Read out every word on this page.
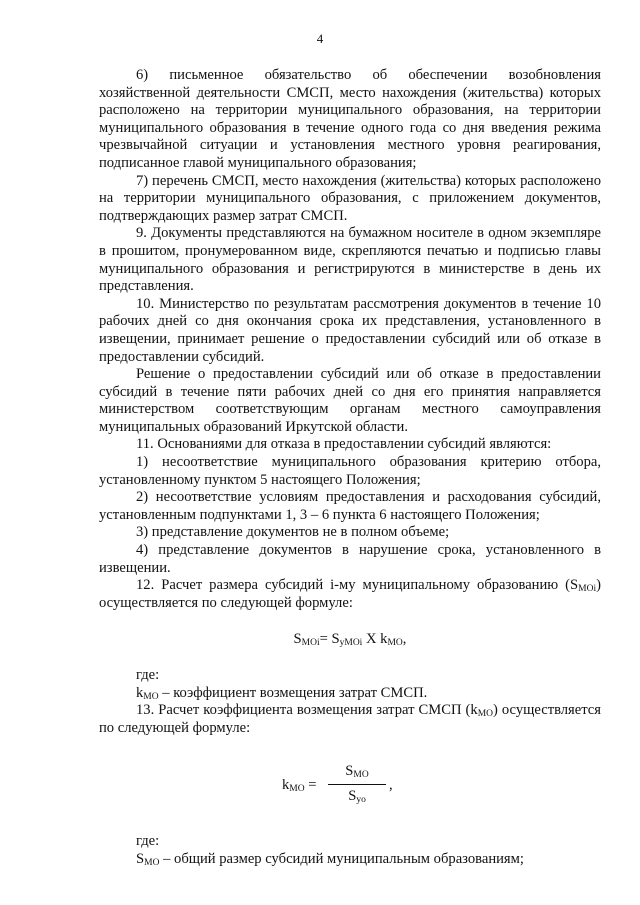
4

6) письменное обязательство об обеспечении возобновления хозяйственной деятельности СМСП, место нахождения (жительства) которых расположено на территории муниципального образования, на территории муниципального образования в течение одного года со дня введения режима чрезвычайной ситуации и установления местного уровня реагирования, подписанное главой муниципального образования;

7) перечень СМСП, место нахождения (жительства) которых расположено на территории муниципального образования, с приложением документов, подтверждающих размер затрат СМСП.

9. Документы представляются на бумажном носителе в одном экземпляре в прошитом, пронумерованном виде, скрепляются печатью и подписью главы муниципального образования и регистрируются в министерстве в день их представления.

10. Министерство по результатам рассмотрения документов в течение 10 рабочих дней со дня окончания срока их представления, установленного в извещении, принимает решение о предоставлении субсидий или об отказе в предоставлении субсидий.

Решение о предоставлении субсидий или об отказе в предоставлении субсидий в течение пяти рабочих дней со дня его принятия направляется министерством соответствующим органам местного самоуправления муниципальных образований Иркутской области.

11. Основаниями для отказа в предоставлении субсидий являются:

1) несоответствие муниципального образования критерию отбора, установленному пунктом 5 настоящего Положения;

2) несоответствие условиям предоставления и расходования субсидий, установленным подпунктами 1, 3 – 6 пункта 6 настоящего Положения;

3) представление документов не в полном объеме;

4) представление документов в нарушение срока, установленного в извещении.

12. Расчет размера субсидий i-му муниципальному образованию $(S_{MOi})$ осуществляется по следующей формуле:

$S_{MOi}= S_{yMOi}$ X $k_{MO}$,

где:

$k_{MO}$ – коэффициент возмещения затрат СМСП.

13. Расчет коэффициента возмещения затрат СМСП $(k_{MO})$ осуществляется по следующей формуле:

$k_{MO}$ =
$S_{MO}$
$S_{yo}$
,

где:

$S_{MO}$ – общий размер субсидий муниципальным образованиям;
